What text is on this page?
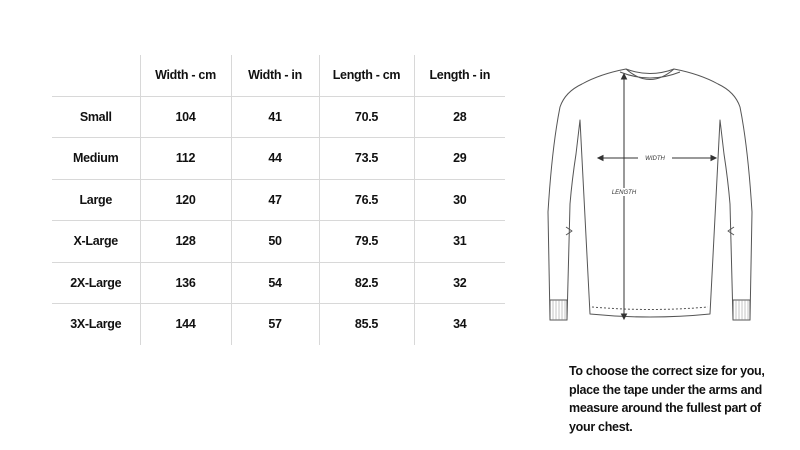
	Width - cm	Width - in	Length - cm	Length - in
Small	104	41	70.5	28
Medium	112	44	73.5	29
Large	120	47	76.5	30
X-Large	128	50	79.5	31
2X-Large	136	54	82.5	32
3X-Large	144	57	85.5	34
WIDTH
LENGTH

To choose the correct size for you, place the tape under the arms and measure around the fullest part of your chest.
